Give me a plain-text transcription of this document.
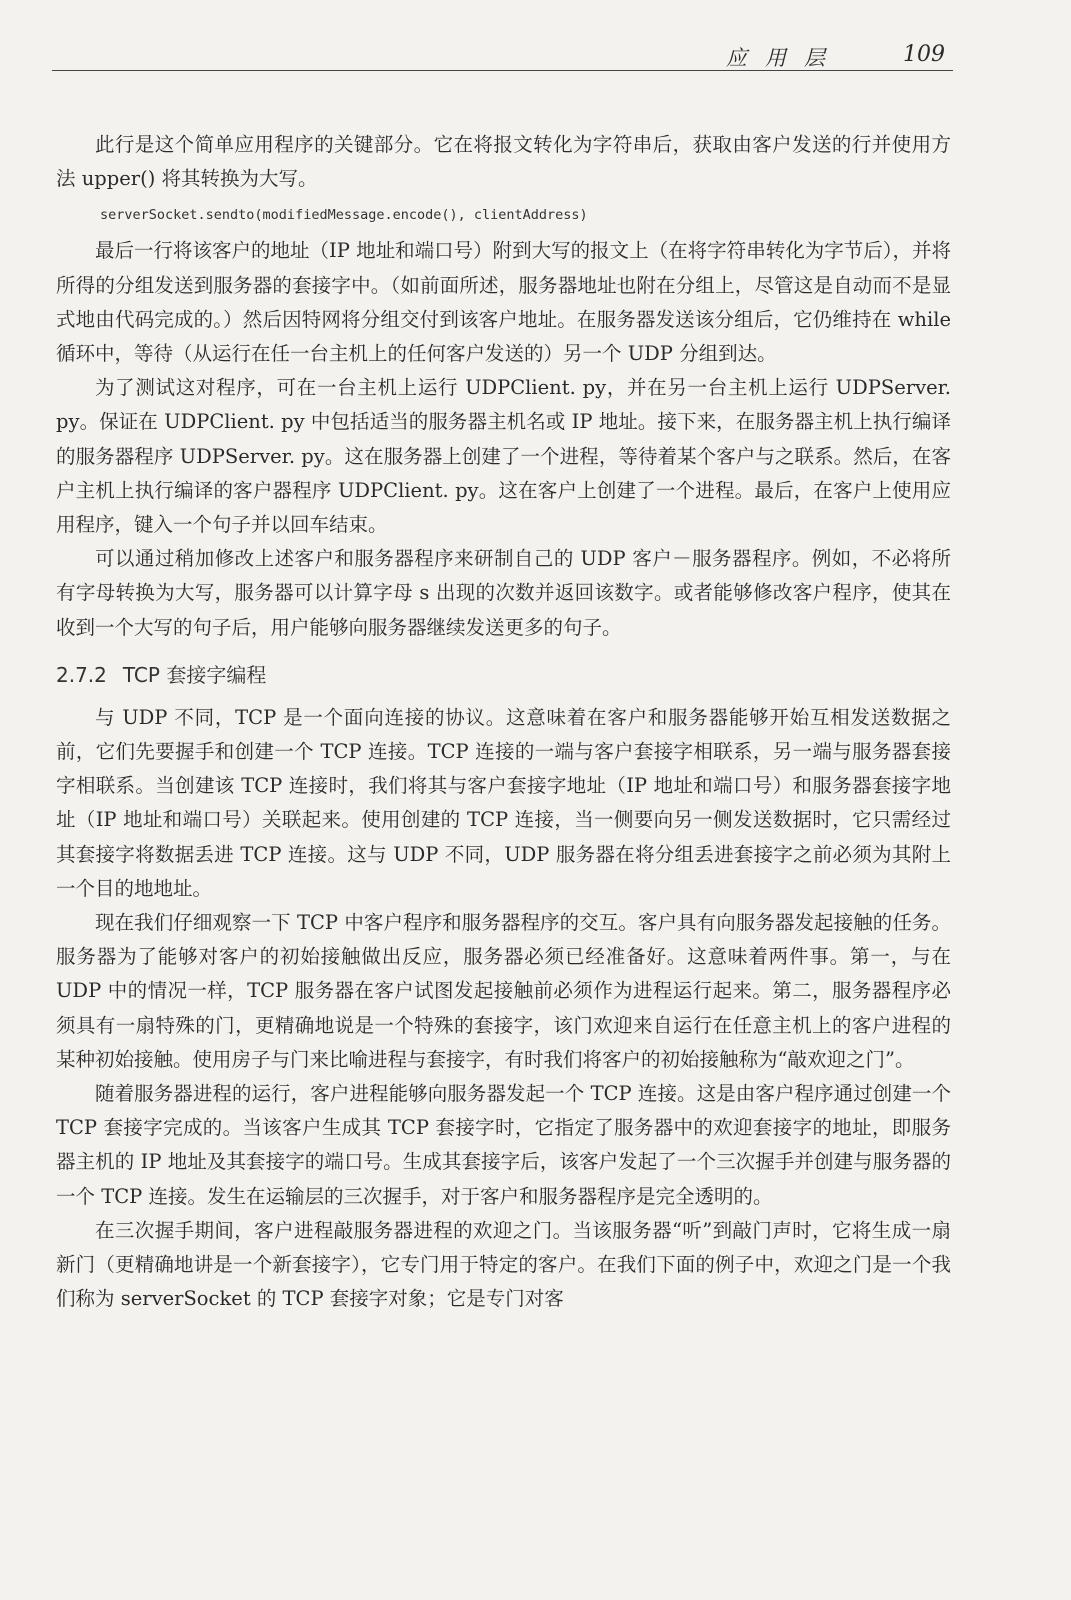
应用层	109

此行是这个简单应用程序的关键部分。它在将报文转化为字符串后，获取由客户发送的行并使用方法 upper() 将其转换为大写。

serverSocket.sendto(modifiedMessage.encode(), clientAddress)

最后一行将该客户的地址（IP 地址和端口号）附到大写的报文上（在将字符串转化为字节后），并将所得的分组发送到服务器的套接字中。（如前面所述，服务器地址也附在分组上，尽管这是自动而不是显式地由代码完成的。）然后因特网将分组交付到该客户地址。在服务器发送该分组后，它仍维持在 while 循环中，等待（从运行在任一台主机上的任何客户发送的）另一个 UDP 分组到达。

为了测试这对程序，可在一台主机上运行 UDPClient. py，并在另一台主机上运行 UDPServer. py。保证在 UDPClient. py 中包括适当的服务器主机名或 IP 地址。接下来，在服务器主机上执行编译的服务器程序 UDPServer. py。这在服务器上创建了一个进程，等待着某个客户与之联系。然后，在客户主机上执行编译的客户器程序 UDPClient. py。这在客户上创建了一个进程。最后，在客户上使用应用程序，键入一个句子并以回车结束。

可以通过稍加修改上述客户和服务器程序来研制自己的 UDP 客户－服务器程序。例如，不必将所有字母转换为大写，服务器可以计算字母 s 出现的次数并返回该数字。或者能够修改客户程序，使其在收到一个大写的句子后，用户能够向服务器继续发送更多的句子。

2.7.2 TCP 套接字编程

与 UDP 不同，TCP 是一个面向连接的协议。这意味着在客户和服务器能够开始互相发送数据之前，它们先要握手和创建一个 TCP 连接。TCP 连接的一端与客户套接字相联系，另一端与服务器套接字相联系。当创建该 TCP 连接时，我们将其与客户套接字地址（IP 地址和端口号）和服务器套接字地址（IP 地址和端口号）关联起来。使用创建的 TCP 连接，当一侧要向另一侧发送数据时，它只需经过其套接字将数据丢进 TCP 连接。这与 UDP 不同，UDP 服务器在将分组丢进套接字之前必须为其附上一个目的地地址。

现在我们仔细观察一下 TCP 中客户程序和服务器程序的交互。客户具有向服务器发起接触的任务。服务器为了能够对客户的初始接触做出反应，服务器必须已经准备好。这意味着两件事。第一，与在 UDP 中的情况一样，TCP 服务器在客户试图发起接触前必须作为进程运行起来。第二，服务器程序必须具有一扇特殊的门，更精确地说是一个特殊的套接字，该门欢迎来自运行在任意主机上的客户进程的某种初始接触。使用房子与门来比喻进程与套接字，有时我们将客户的初始接触称为“敲欢迎之门”。

随着服务器进程的运行，客户进程能够向服务器发起一个 TCP 连接。这是由客户程序通过创建一个 TCP 套接字完成的。当该客户生成其 TCP 套接字时，它指定了服务器中的欢迎套接字的地址，即服务器主机的 IP 地址及其套接字的端口号。生成其套接字后，该客户发起了一个三次握手并创建与服务器的一个 TCP 连接。发生在运输层的三次握手，对于客户和服务器程序是完全透明的。

在三次握手期间，客户进程敲服务器进程的欢迎之门。当该服务器“听”到敲门声时，它将生成一扇新门（更精确地讲是一个新套接字），它专门用于特定的客户。在我们下面的例子中，欢迎之门是一个我们称为 serverSocket 的 TCP 套接字对象；它是专门对客
